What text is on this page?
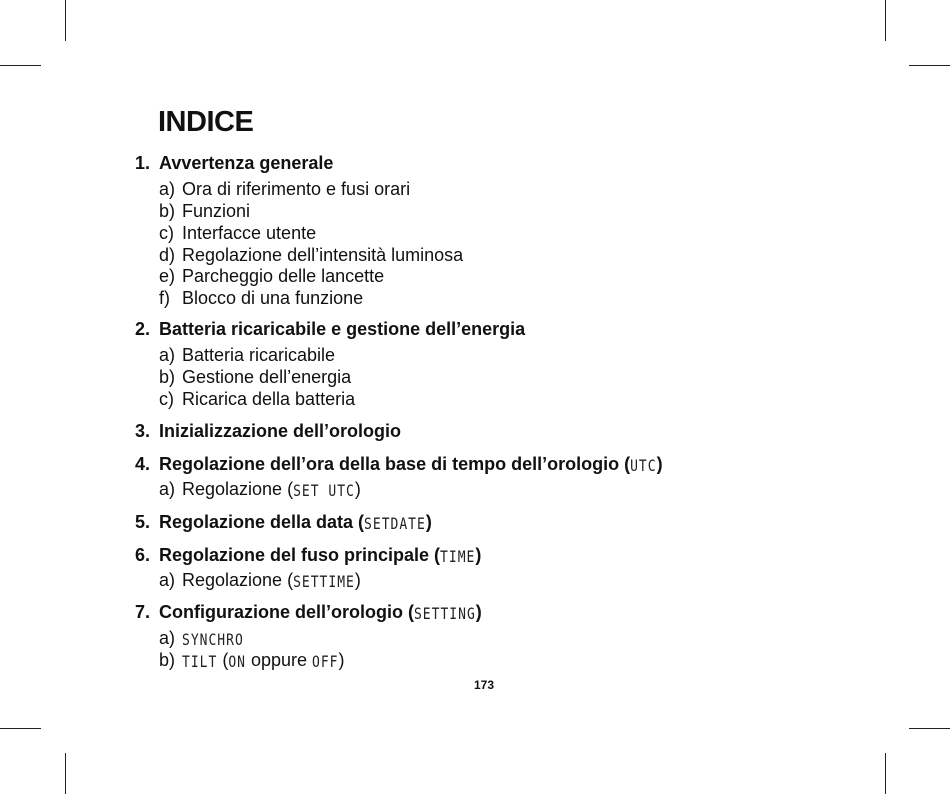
INDICE
1. Avvertenza generale
a) Ora di riferimento e fusi orari
b) Funzioni
c) Interfacce utente
d) Regolazione dell’intensità luminosa
e) Parcheggio delle lancette
f) Blocco di una funzione
2. Batteria ricaricabile e gestione dell’energia
a) Batteria ricaricabile
b) Gestione dell’energia
c) Ricarica della batteria
3. Inizializzazione dell’orologio
4. Regolazione dell’ora della base di tempo dell’orologio (UTC)
a) Regolazione (SET UTC)
5. Regolazione della data (SETDATE)
6. Regolazione del fuso principale (TIME)
a) Regolazione (SETTIME)
7. Configurazione dell’orologio (SETTING)
a) SYNCHRO
b) TILT (ON oppure OFF)
173
